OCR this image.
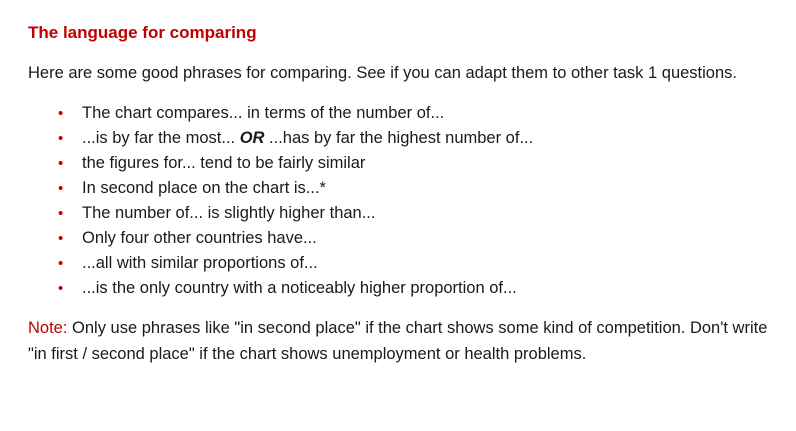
The language for comparing

Here are some good phrases for comparing. See if you can adapt them to other task 1 questions.

• The chart compares... in terms of the number of...
• ...is by far the most... OR ...has by far the highest number of...
• the figures for... tend to be fairly similar
• In second place on the chart is...*
• The number of... is slightly higher than...
• Only four other countries have...
• ...all with similar proportions of...
• ...is the only country with a noticeably higher proportion of...

Note: Only use phrases like "in second place" if the chart shows some kind of competition. Don't write "in first / second place" if the chart shows unemployment or health problems.
